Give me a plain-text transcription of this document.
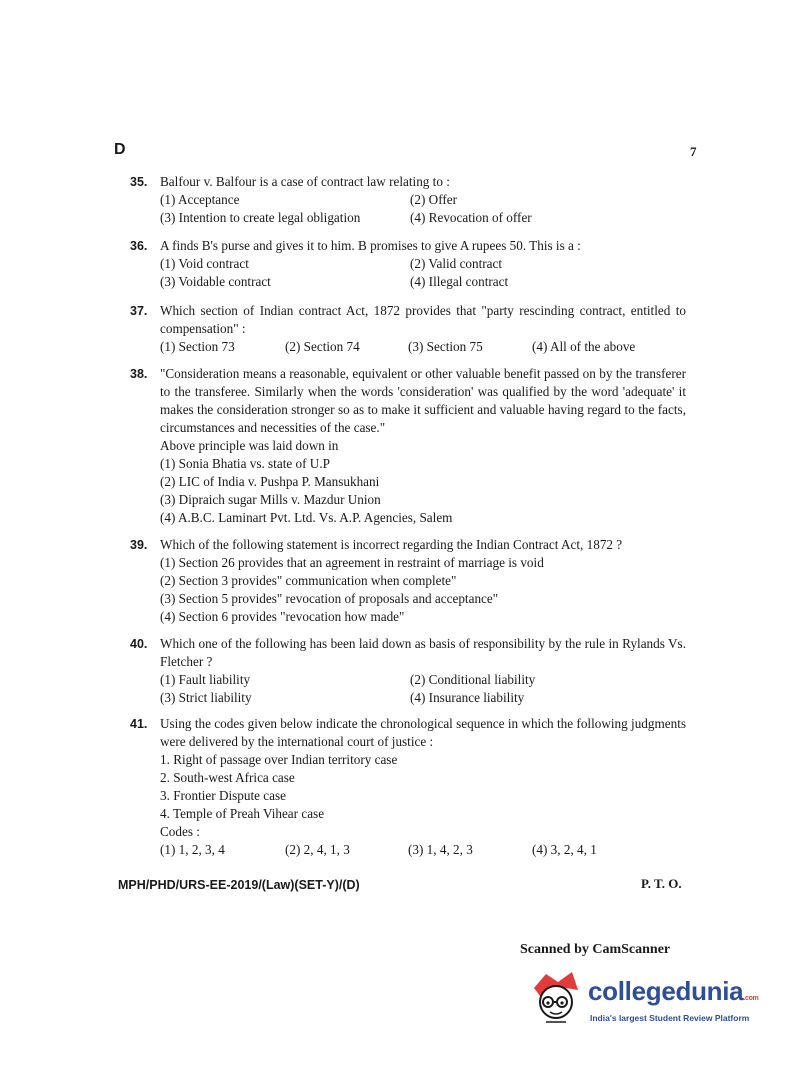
D	7
35. Balfour v. Balfour is a case of contract law relating to :
(1) Acceptance	(2) Offer
(3) Intention to create legal obligation	(4) Revocation of offer
36. A finds B's purse and gives it to him. B promises to give A rupees 50. This is a :
(1) Void contract	(2) Valid contract
(3) Voidable contract	(4) Illegal contract
37. Which section of Indian contract Act, 1872 provides that "party rescinding contract, entitled to compensation" :
(1) Section 73	(2) Section 74	(3) Section 75	(4) All of the above
38. "Consideration means a reasonable, equivalent or other valuable benefit passed on by the transferer to the transferee. Similarly when the words 'consideration' was qualified by the word 'adequate' it makes the consideration stronger so as to make it sufficient and valuable having regard to the facts, circumstances and necessities of the case."
Above principle was laid down in
(1) Sonia Bhatia vs. state of U.P
(2) LIC of India v. Pushpa P. Mansukhani
(3) Dipraich sugar Mills v. Mazdur Union
(4) A.B.C. Laminart Pvt. Ltd. Vs. A.P. Agencies, Salem
39. Which of the following statement is incorrect regarding the Indian Contract Act, 1872 ?
(1) Section 26 provides that an agreement in restraint of marriage is void
(2) Section 3 provides" communication when complete"
(3) Section 5 provides" revocation of proposals and acceptance"
(4) Section 6 provides "revocation how made"
40. Which one of the following has been laid down as basis of responsibility by the rule in Rylands Vs. Fletcher ?
(1) Fault liability	(2) Conditional liability
(3) Strict liability	(4) Insurance liability
41. Using the codes given below indicate the chronological sequence in which the following judgments were delivered by the international court of justice :
1. Right of passage over Indian territory case
2. South-west Africa case
3. Frontier Dispute case
4. Temple of Preah Vihear case
Codes :
(1) 1, 2, 3, 4	(2) 2, 4, 1, 3	(3) 1, 4, 2, 3	(4) 3, 2, 4, 1
MPH/PHD/URS-EE-2019/(Law)(SET-Y)/(D)	P. T. O.
Scanned by CamScanner
collegedunia.com
India's largest Student Review Platform
